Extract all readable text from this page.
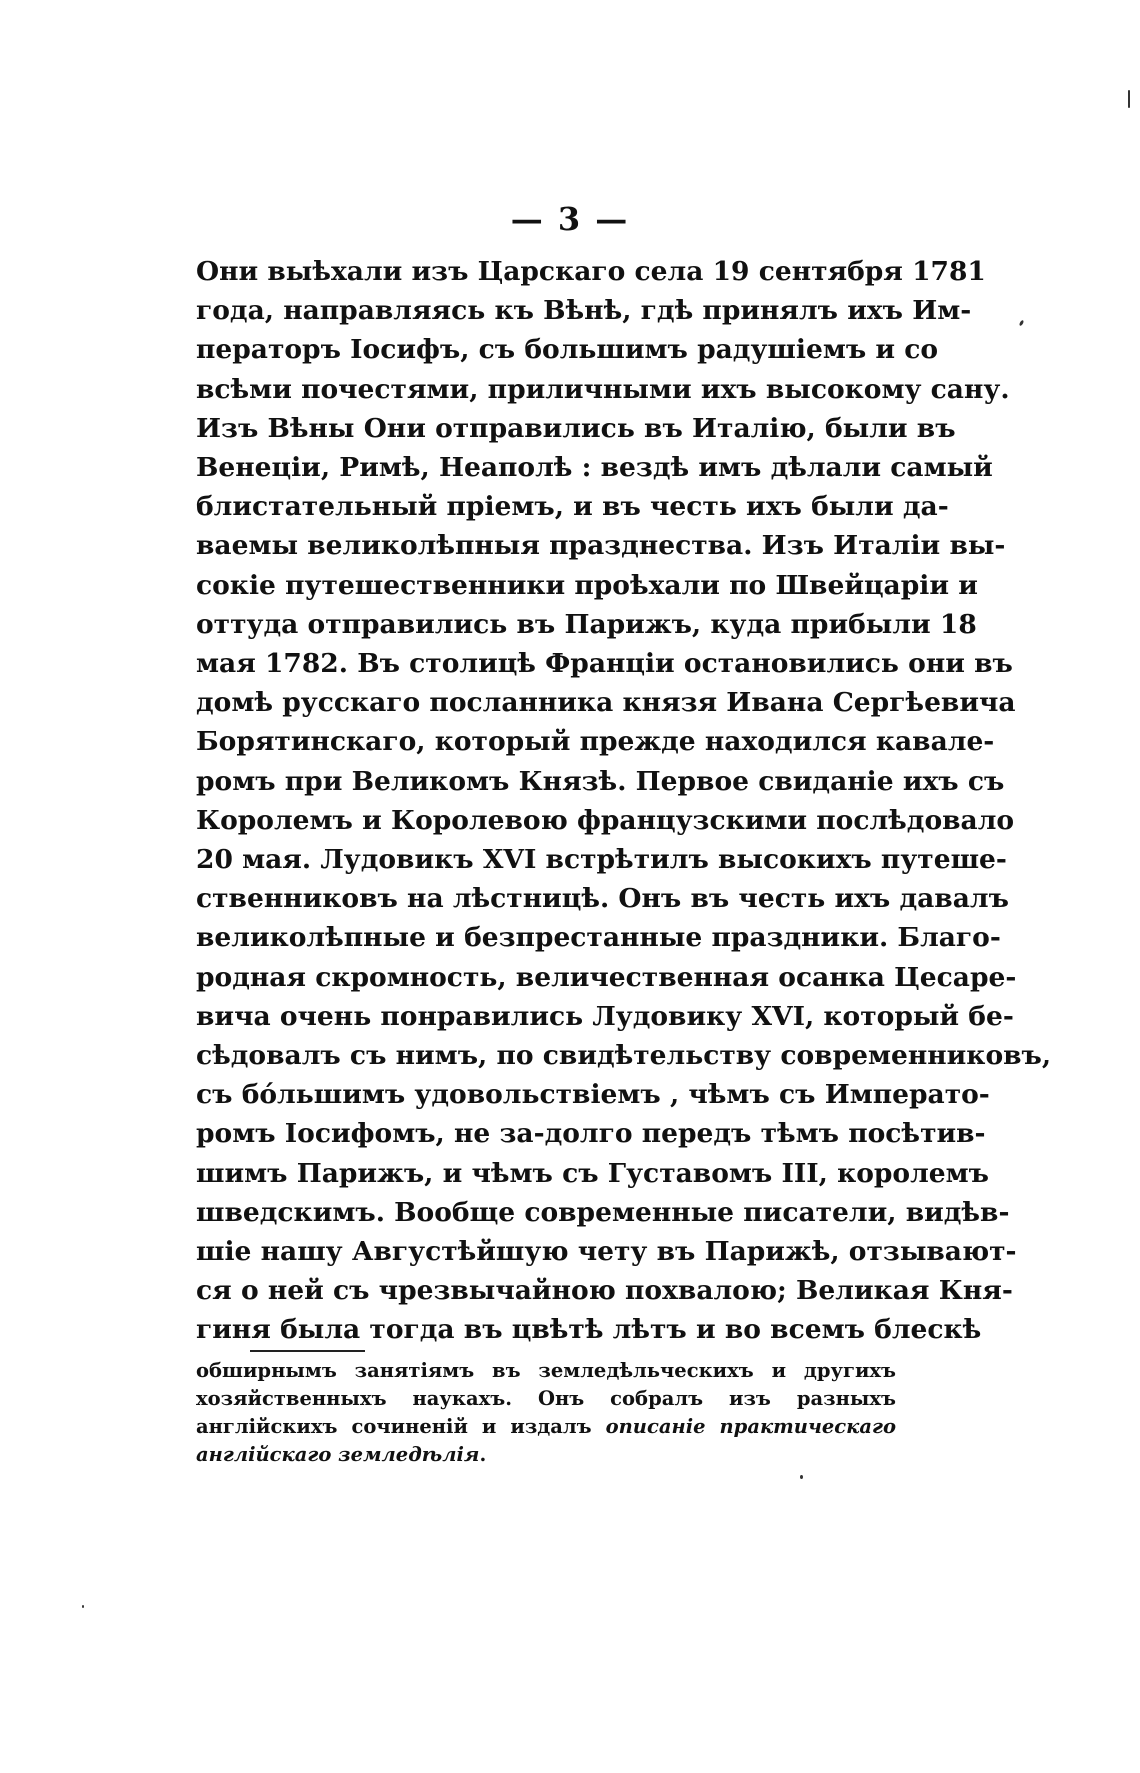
— 3 —
Они выѣхали изъ Царскаго села 19 сентября 1781
года, направляясь къ Вѣнѣ, гдѣ принялъ ихъ Им-
ператоръ Іосифъ, съ большимъ радушіемъ и со
всѣми почестями, приличными ихъ высокому сану.
Изъ Вѣны Они отправились въ Италію, были въ
Венеціи, Римѣ, Неаполѣ : вездѣ имъ дѣлали самый
блистательный пріемъ, и въ честь ихъ были да-
ваемы великолѣпныя празднества. Изъ Италіи вы-
сокіе путешественники проѣхали по Швейцаріи и
оттуда отправились въ Парижъ, куда прибыли 18
мая 1782. Въ столицѣ Франціи остановились они въ
домѣ русскаго посланника князя Ивана Сергѣевича
Борятинскаго, который прежде находился кавале-
ромъ при Великомъ Князѣ. Первое свиданіе ихъ съ
Королемъ и Королевою французскими послѣдовало
20 мая. Лудовикъ XVI встрѣтилъ высокихъ путеше-
ственниковъ на лѣстницѣ. Онъ въ честь ихъ давалъ
великолѣпные и безпрестанные праздники. Благо-
родная скромность, величественная осанка Цесаре-
вича очень понравились Лудовику XVI, который бе-
сѣдовалъ съ нимъ, по свидѣтельству современниковъ,
съ бóльшимъ удовольствіемъ , чѣмъ съ Императо-
ромъ Іосифомъ, не за-долго передъ тѣмъ посѣтив-
шимъ Парижъ, и чѣмъ съ Густавомъ III, королемъ
шведскимъ. Вообще современные писатели, видѣв-
шіе нашу Августѣйшую чету въ Парижѣ, отзывают-
ся о ней съ чрезвычайною похвалою; Великая Кня-
гиня была тогда въ цвѣтѣ лѣтъ и во всемъ блескѣ
обширнымъ занятіямъ въ земледѣльческихъ и другихъ
хозяйственныхъ наукахъ. Онъ собралъ изъ разныхъ
англійскихъ сочиненій и издалъ описаніе практическаго
англійскаго земледѣлія.
